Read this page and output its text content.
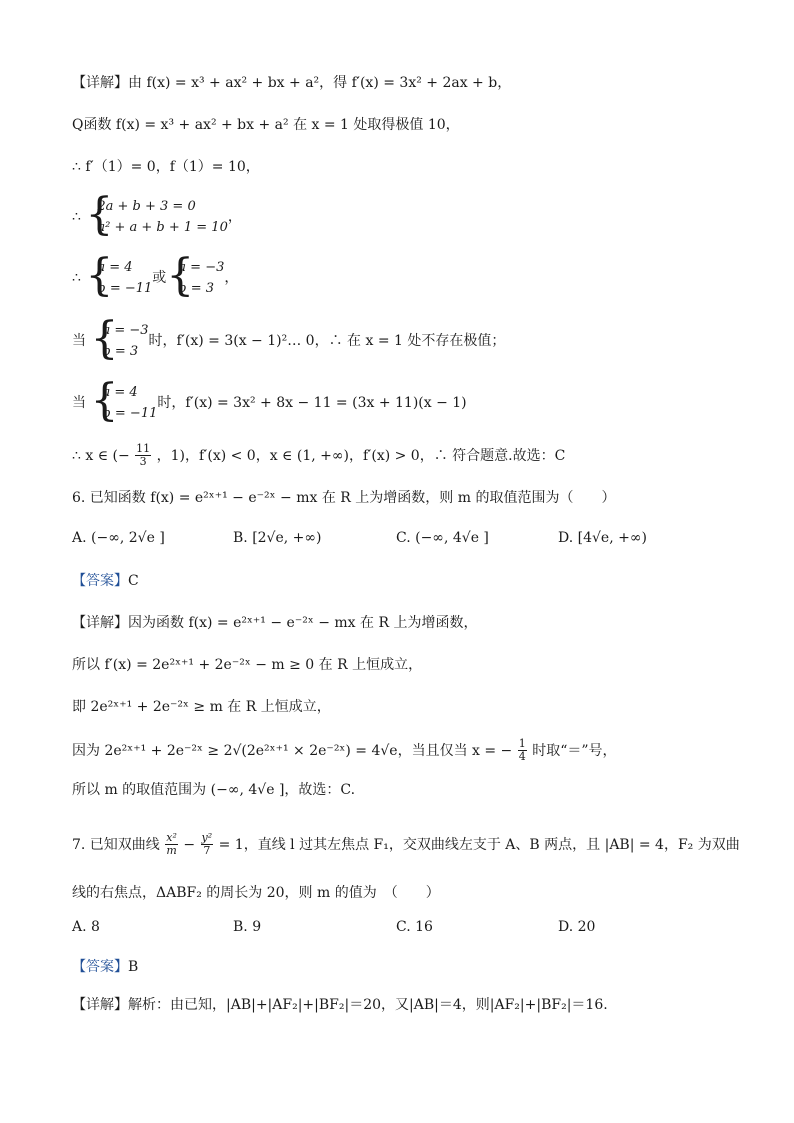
【详解】由 f(x) = x³ + ax² + bx + a²，得 f′(x) = 3x² + 2ax + b，
Q函数 f(x) = x³ + ax² + bx + a² 在 x = 1 处取得极值 10，
∴ f′（1）= 0，f（1）= 10，
∴
{ 2a + b + 3 = 0
a² + a + b + 1 = 10
，
∴
{ a = 4
b = −11
或
{ a = −3
b = 3
，
当
{ a = −3
b = 3
时，f′(x) = 3(x − 1)²… 0，∴ 在 x = 1 处不存在极值；
当
{ a = 4
b = −11
时，f′(x) = 3x² + 8x − 11 = (3x + 11)(x − 1)
∴ x ∈ (− $\frac{11}{3}$ ，1)，f′(x) < 0，x ∈ (1, +∞)，f′(x) > 0，∴ 符合题意.故选：C
6. 已知函数 f(x) = e²ˣ⁺¹ − e⁻²ˣ − mx 在 R 上为增函数，则 m 的取值范围为（　　）
A. (−∞, 2√e ]	B. [2√e, +∞)	C. (−∞, 4√e ]	D. [4√e, +∞)
【答案】C
【详解】因为函数 f(x) = e²ˣ⁺¹ − e⁻²ˣ − mx 在 R 上为增函数，
所以 f′(x) = 2e²ˣ⁺¹ + 2e⁻²ˣ − m ≥ 0 在 R 上恒成立，
即 2e²ˣ⁺¹ + 2e⁻²ˣ ≥ m 在 R 上恒成立，
因为 2e²ˣ⁺¹ + 2e⁻²ˣ ≥ 2√(2e²ˣ⁺¹ × 2e⁻²ˣ) = 4√e，当且仅当 x = − $\frac{1}{4}$ 时取“＝”号，
所以 m 的取值范围为 (−∞, 4√e ]，故选：C.
7. 已知双曲线 $\frac{\text{x²}}{m} - \frac{\text{y²}}{7} = 1$，直线 l 过其左焦点 F₁，交双曲线左支于 A、B 两点，且 |AB| = 4，F₂ 为双曲
线的右焦点，ΔABF₂ 的周长为 20，则 m 的值为　（　　）
A. 8	B. 9	C. 16	D. 20
【答案】B
【详解】解析：由已知，|AB|+|AF₂|+|BF₂|＝20，又|AB|＝4，则|AF₂|+|BF₂|＝16.
